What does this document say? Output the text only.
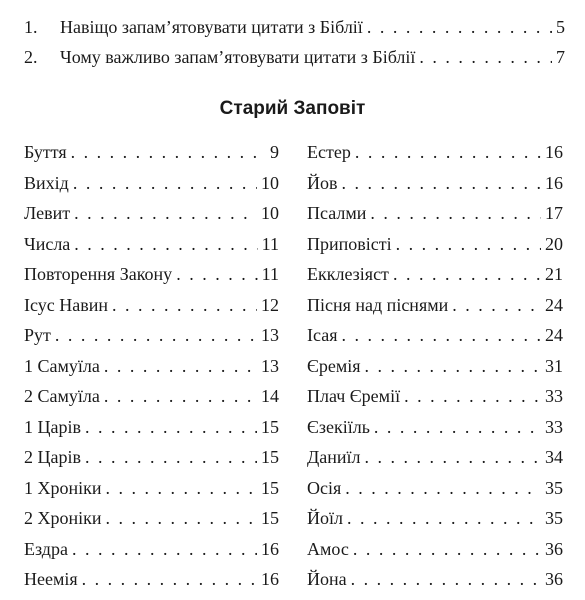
1.	Навіщо запам’ятовувати цитати з Біблії . . .	5
2.	Чому важливо запам’ятовувати цитати з Біблії . . .	7
Старий Заповіт
Буття . . .	9
Вихід . . .	10
Левит . . .	10
Числа . . .	11
Повторення Закону . . .	11
Ісус Навин . . .	12
Рут . . .	13
1 Самуїла . . .	13
2 Самуїла . . .	14
1 Царів . . .	15
2 Царів . . .	15
1 Хроніки . . .	15
2 Хроніки . . .	15
Ездра . . .	16
Неемія . . .	16
Естер . . .	16
Йов . . .	16
Псалми . . .	17
Приповісті . . .	20
Екклезіяст . . .	21
Пісня над піснями . . .	24
Ісая . . .	24
Єремія . . .	31
Плач Єремії . . .	33
Єзекіїль . . .	33
Даниїл . . .	34
Осія . . .	35
Йоїл . . .	35
Амос . . .	36
Йона . . .	36
